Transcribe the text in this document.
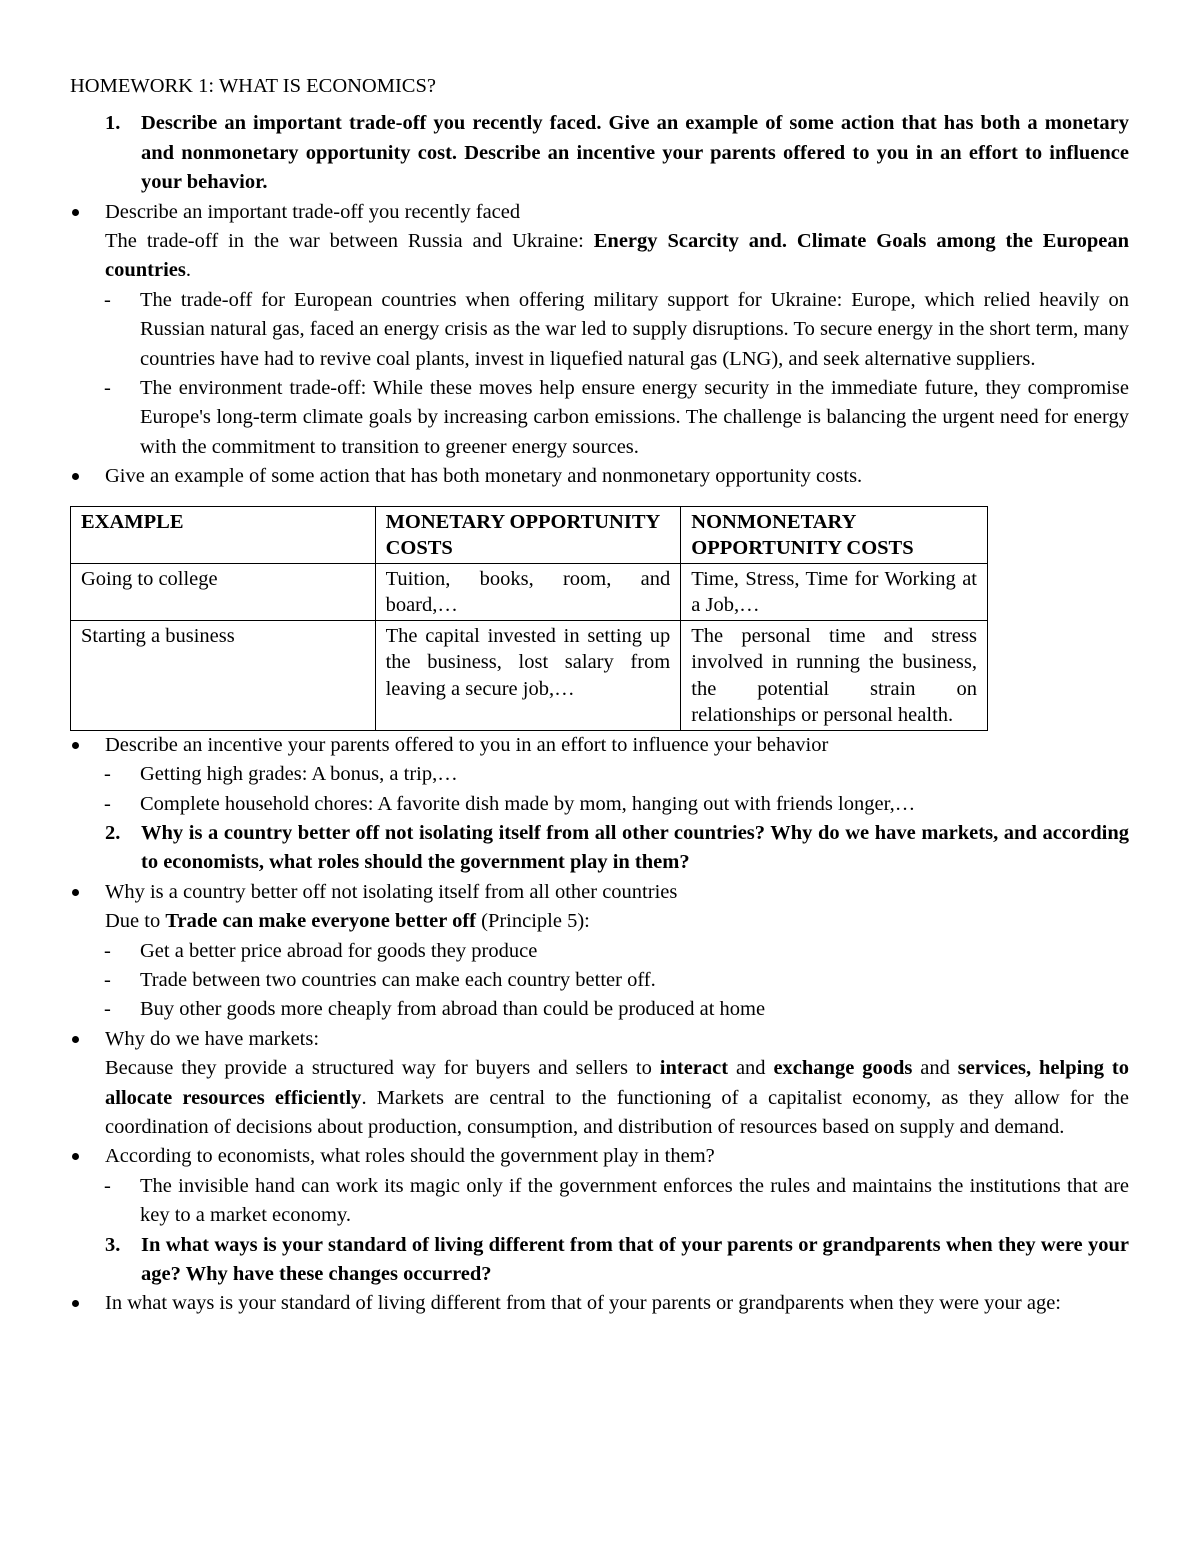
HOMEWORK 1: WHAT IS ECONOMICS?

1.	Describe an important trade-off you recently faced. Give an example of some action that has both a monetary and nonmonetary opportunity cost. Describe an incentive your parents offered to you in an effort to influence your behavior.
Describe an important trade-off you recently faced

The trade-off in the war between Russia and Ukraine: Energy Scarcity and. Climate Goals among the European countries.

-	The trade-off for European countries when offering military support for Ukraine: Europe, which relied heavily on Russian natural gas, faced an energy crisis as the war led to supply disruptions. To secure energy in the short term, many countries have had to revive coal plants, invest in liquefied natural gas (LNG), and seek alternative suppliers.
-	The environment trade-off: While these moves help ensure energy security in the immediate future, they compromise Europe's long-term climate goals by increasing carbon emissions. The challenge is balancing the urgent need for energy with the commitment to transition to greener energy sources.
Give an example of some action that has both monetary and nonmonetary opportunity costs.
EXAMPLE	MONETARY OPPORTUNITY COSTS	NONMONETARY OPPORTUNITY COSTS
Going to college	Tuition, books, room, and board,…	Time, Stress, Time for Working at a Job,…
Starting a business	The capital invested in setting up the business, lost salary from leaving a secure job,…	The personal time and stress involved in running the business, the potential strain on relationships or personal health.
Describe an incentive your parents offered to you in an effort to influence your behavior
-	Getting high grades: A bonus, a trip,…
-	Complete household chores: A favorite dish made by mom, hanging out with friends longer,…
2.	Why is a country better off not isolating itself from all other countries? Why do we have markets, and according to economists, what roles should the government play in them?
Why is a country better off not isolating itself from all other countries

Due to Trade can make everyone better off (Principle 5):

-	Get a better price abroad for goods they produce
-	Trade between two countries can make each country better off.
-	Buy other goods more cheaply from abroad than could be produced at home
Why do we have markets:

Because they provide a structured way for buyers and sellers to interact and exchange goods and services, helping to allocate resources efficiently. Markets are central to the functioning of a capitalist economy, as they allow for the coordination of decisions about production, consumption, and distribution of resources based on supply and demand.

According to economists, what roles should the government play in them?
-	The invisible hand can work its magic only if the government enforces the rules and maintains the institutions that are key to a market economy.
3.	In what ways is your standard of living different from that of your parents or grandparents when they were your age? Why have these changes occurred?
In what ways is your standard of living different from that of your parents or grandparents when they were your age:
